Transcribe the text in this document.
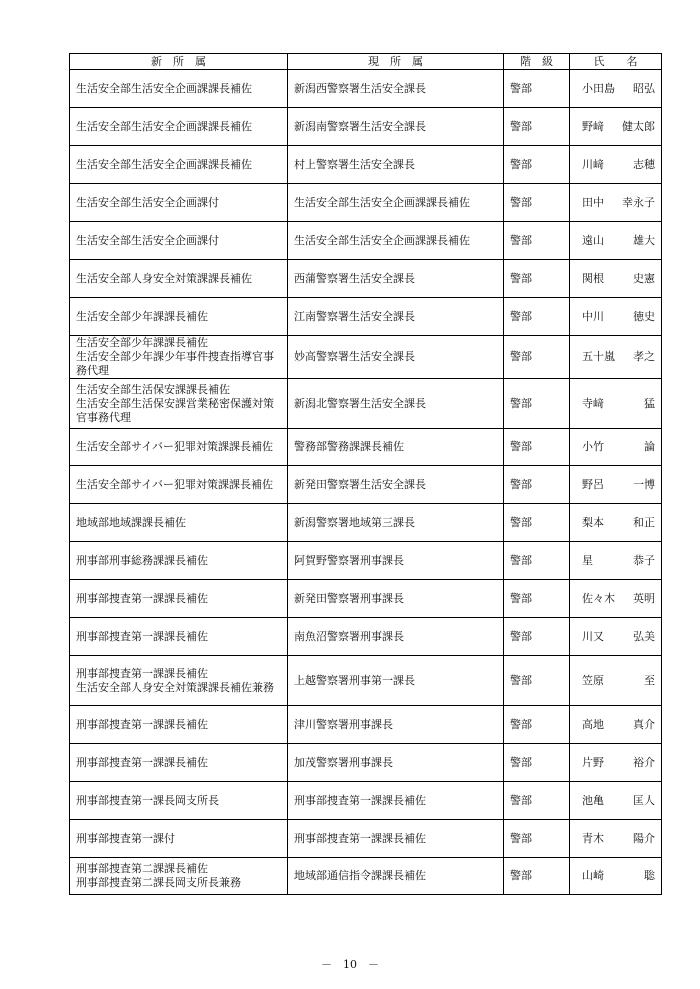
新　所　属	現　所　属	階　級	氏　　名

生活安全部生活安全企画課課長補佐	新潟西警察署生活安全課長	警部	小田島 昭弘

生活安全部生活安全企画課課長補佐	新潟南警察署生活安全課長	警部	野﨑 健太郎

生活安全部生活安全企画課課長補佐	村上警察署生活安全課長	警部	川﨑 志穂

生活安全部生活安全企画課付	生活安全部生活安全企画課課長補佐	警部	田中 幸永子

生活安全部生活安全企画課付	生活安全部生活安全企画課課長補佐	警部	遠山 雄大

生活安全部人身安全対策課課長補佐	西蒲警察署生活安全課長	警部	関根 史憲

生活安全部少年課課長補佐	江南警察署生活安全課長	警部	中川 徳史

生活安全部少年課課長補佐
生活安全部少年課少年事件捜査指導官事務代理	妙高警察署生活安全課長	警部	五十嵐 孝之

生活安全部生活保安課課長補佐
生活安全部生活保安課営業秘密保護対策官事務代理	新潟北警察署生活安全課長	警部	寺﨑 猛

生活安全部サイバー犯罪対策課課長補佐	警務部警務課課長補佐	警部	小竹 論

生活安全部サイバー犯罪対策課課長補佐	新発田警察署生活安全課長	警部	野呂 一博

地域部地域課課長補佐	新潟警察署地域第三課長	警部	梨本 和正

刑事部刑事総務課課長補佐	阿賀野警察署刑事課長	警部	星 恭子

刑事部捜査第一課課長補佐	新発田警察署刑事課長	警部	佐々木 英明

刑事部捜査第一課課長補佐	南魚沼警察署刑事課長	警部	川又 弘美

刑事部捜査第一課課長補佐
生活安全部人身安全対策課課長補佐兼務	上越警察署刑事第一課長	警部	笠原 至

刑事部捜査第一課課長補佐	津川警察署刑事課長	警部	高地 真介

刑事部捜査第一課課長補佐	加茂警察署刑事課長	警部	片野 裕介

刑事部捜査第一課長岡支所長	刑事部捜査第一課課長補佐	警部	池亀 匡人

刑事部捜査第一課付	刑事部捜査第一課課長補佐	警部	青木 陽介

刑事部捜査第二課課長補佐
刑事部捜査第二課長岡支所長兼務	地域部通信指令課課長補佐	警部	山崎 聡
－　10　－
